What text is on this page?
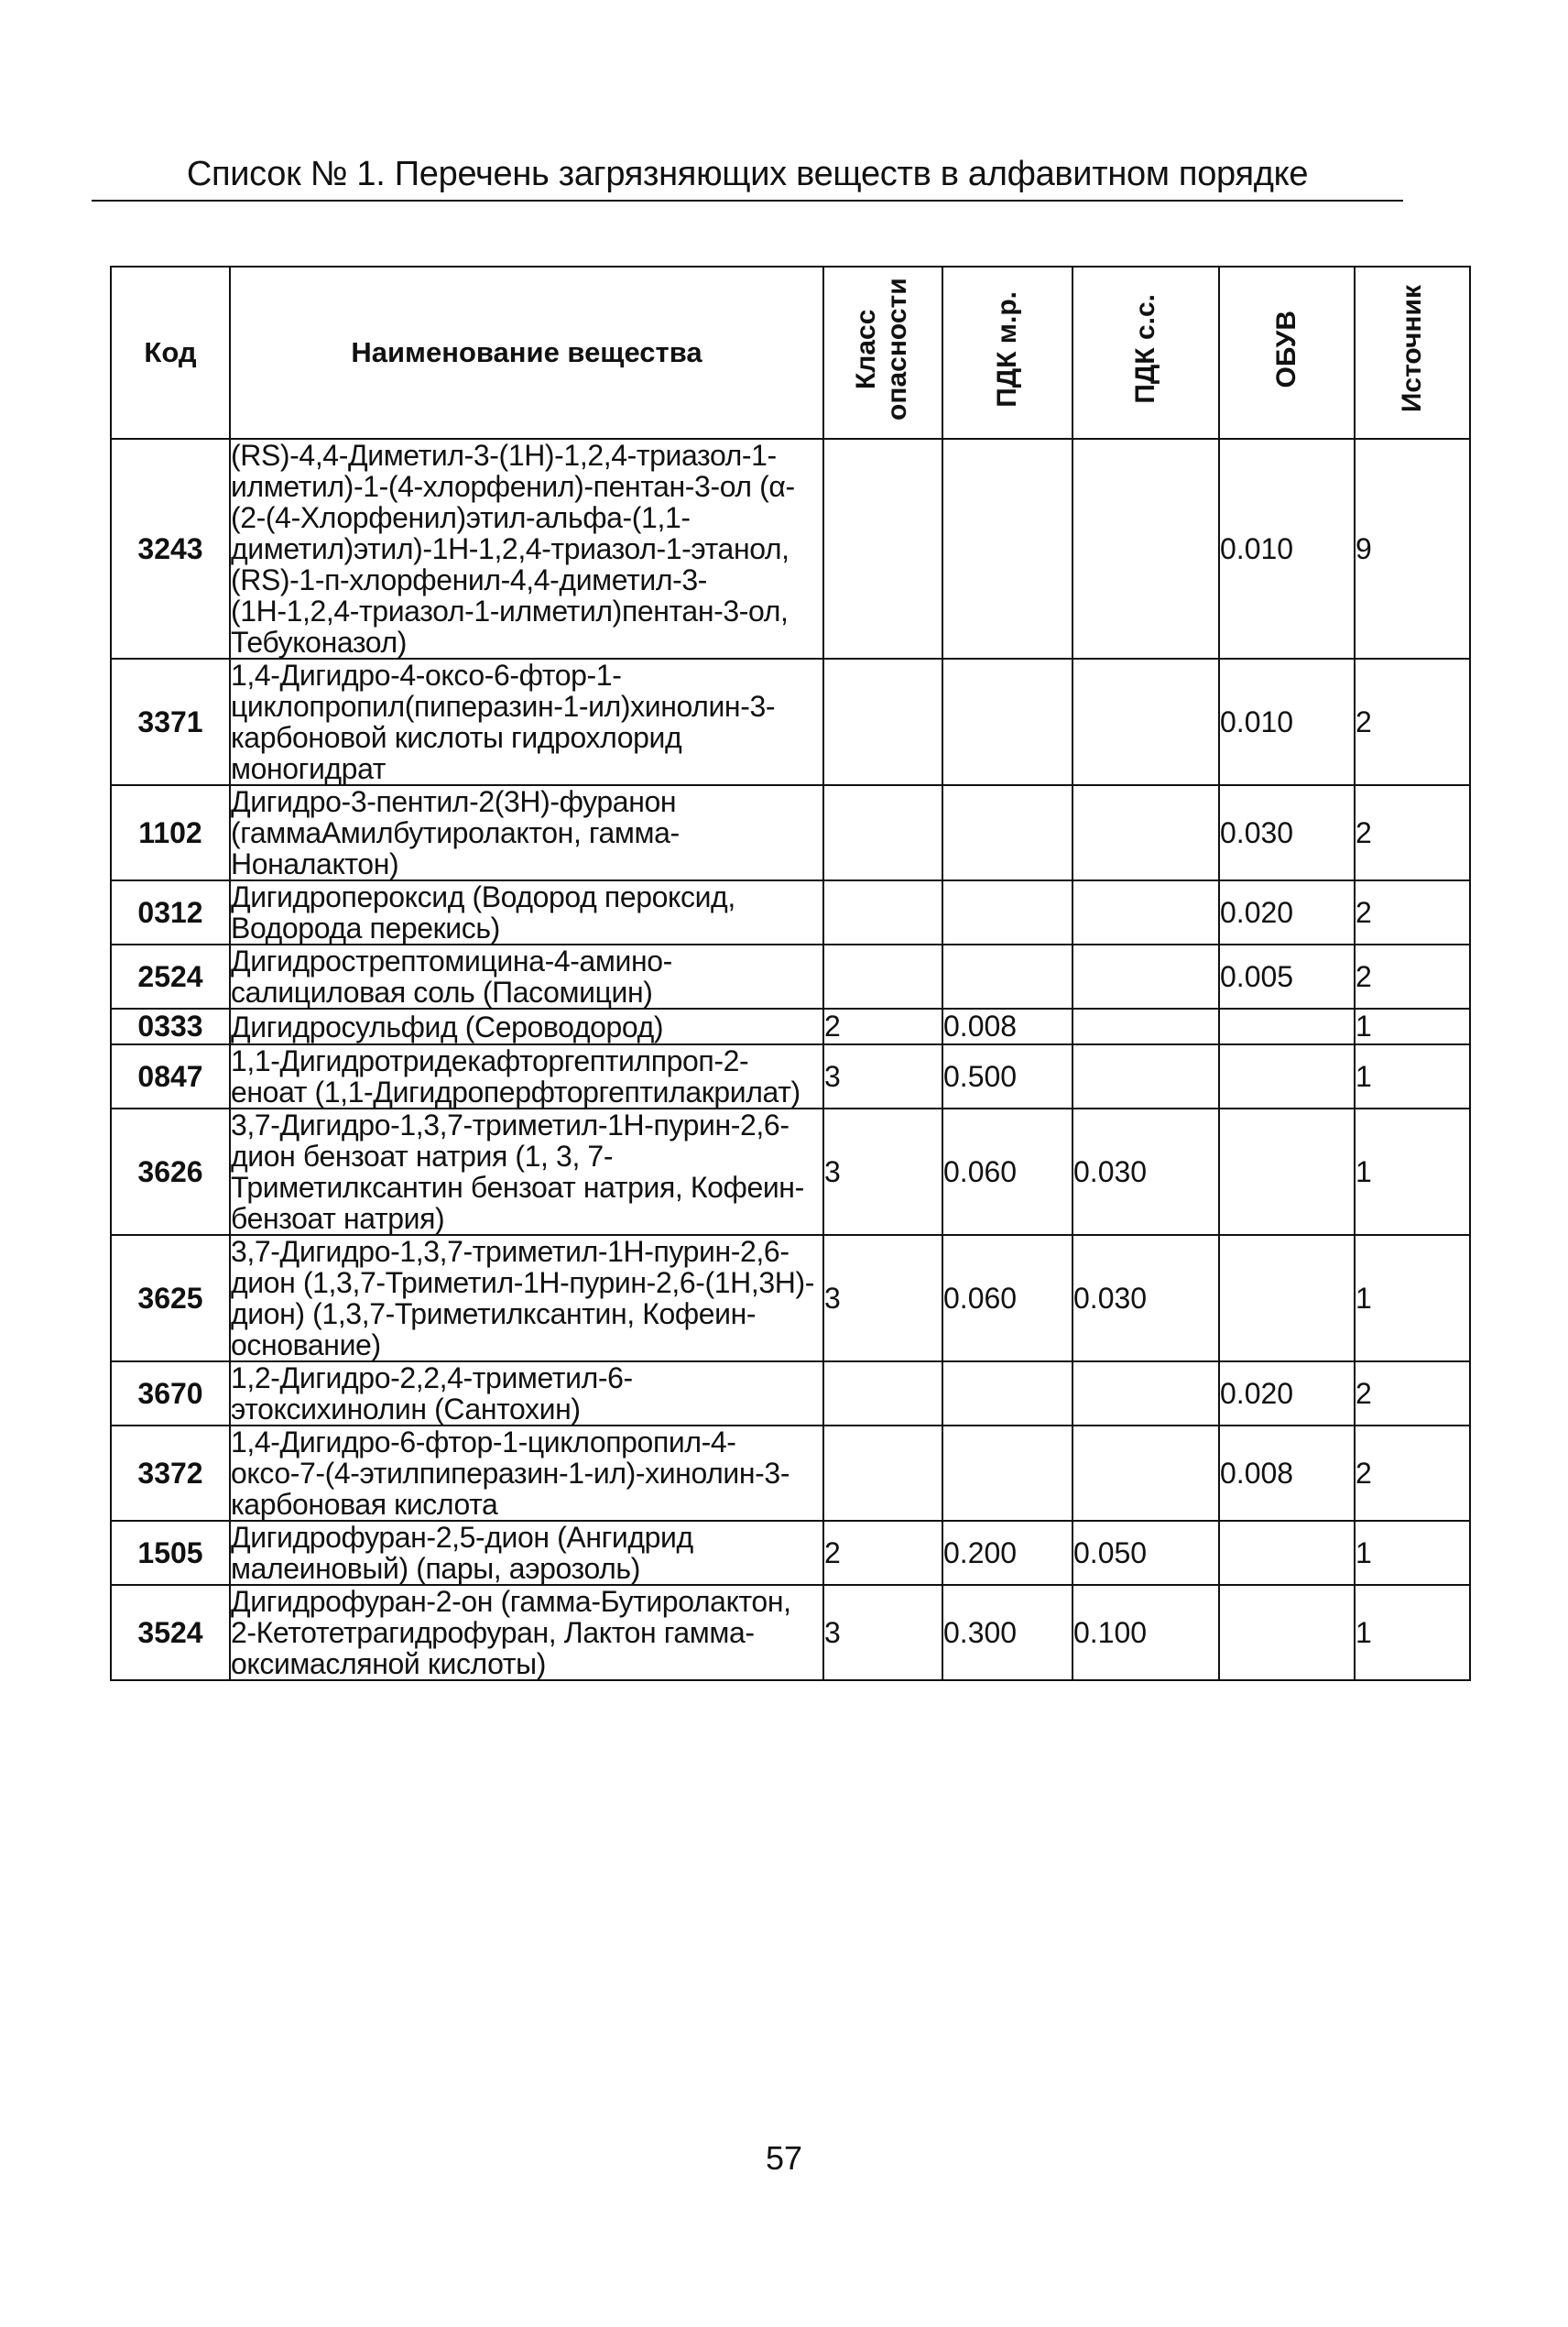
Список № 1. Перечень загрязняющих веществ в алфавитном порядке
Код	Наименование вещества	Класс опасности	ПДК м.р.	ПДК с.с.	ОБУВ	Источник
3243	(RS)-4,4-Диметил-3-(1Н)-1,2,4-триазол-1-илметил)-1-(4-хлорфенил)-пентан-3-ол (α-(2-(4-Хлорфенил)этил-альфа-(1,1-диметил)этил)-1Н-1,2,4-триазол-1-этанол, (RS)-1-п-хлорфенил-4,4-диметил-3-(1Н-1,2,4-триазол-1-илметил)пентан-3-ол, Тебуконазол)				0.010	9
3371	1,4-Дигидро-4-оксо-6-фтор-1-циклопропил(пиперазин-1-ил)хинолин-3-карбоновой кислоты гидрохлорид моногидрат				0.010	2
1102	Дигидро-3-пентил-2(3Н)-фуранон (гаммаАмилбутиролактон, гамма-Ноналактон)				0.030	2
0312	Дигидропероксид (Водород пероксид, Водорода перекись)				0.020	2
2524	Дигидрострептомицина-4-амино-салициловая соль (Пасомицин)				0.005	2
0333	Дигидросульфид (Сероводород)	2	0.008			1
0847	1,1-Дигидротридекафторгептилпроп-2-еноат (1,1-Дигидроперфторгептилакрилат)	3	0.500			1
3626	3,7-Дигидро-1,3,7-триметил-1Н-пурин-2,6-дион бензоат натрия (1, 3, 7-Триметилксантин бензоат натрия, Кофеин-бензоат натрия)	3	0.060	0.030		1
3625	3,7-Дигидро-1,3,7-триметил-1Н-пурин-2,6-дион (1,3,7-Триметил-1Н-пурин-2,6-(1Н,3Н)-дион) (1,3,7-Триметилксантин, Кофеин-основание)	3	0.060	0.030		1
3670	1,2-Дигидро-2,2,4-триметил-6-этоксихинолин (Сантохин)				0.020	2
3372	1,4-Дигидро-6-фтор-1-циклопропил-4-оксо-7-(4-этилпиперазин-1-ил)-хинолин-3-карбоновая кислота				0.008	2
1505	Дигидрофуран-2,5-дион (Ангидрид малеиновый) (пары, аэрозоль)	2	0.200	0.050		1
3524	Дигидрофуран-2-он (гамма-Бутиролактон, 2-Кетотетрагидрофуран, Лактон гамма-оксимасляной кислоты)	3	0.300	0.100		1
57
